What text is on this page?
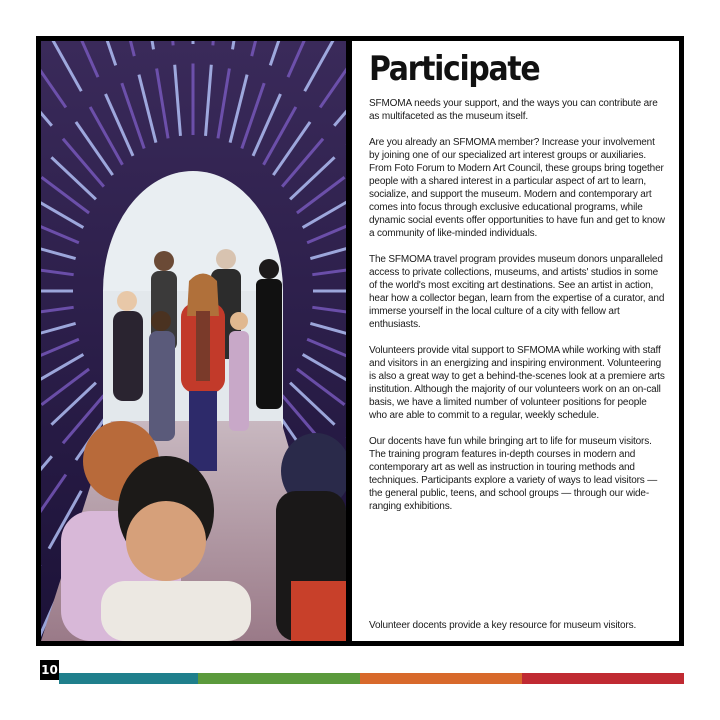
Participate

SFMOMA needs your support, and the ways you can contribute are as multifaceted as the museum itself.

Are you already an SFMOMA member? Increase your involvement by joining one of our specialized art interest groups or auxiliaries. From Foto Forum to Modern Art Council, these groups bring together people with a shared interest in a particular aspect of art to learn, socialize, and support the museum. Modern and contemporary art comes into focus through exclusive educational programs, while dynamic social events offer opportunities to have fun and get to know a community of like-minded individuals.

The SFMOMA travel program provides museum donors unparalleled access to private collections, museums, and artists' studios in some of the world's most exciting art destinations. See an artist in action, hear how a collector began, learn from the expertise of a curator, and immerse yourself in the local culture of a city with fellow art enthusiasts.

Volunteers provide vital support to SFMOMA while working with staff and visitors in an energizing and inspiring environment. Volunteering is also a great way to get a behind-the-scenes look at a premiere arts institution. Although the majority of our volunteers work on an on-call basis, we have a limited number of volunteer positions for people who are able to commit to a regular, weekly schedule.

Our docents have fun while bringing art to life for museum visitors. The training program features in-depth courses in modern and contemporary art as well as instruction in touring methods and techniques. Participants explore a variety of ways to lead visitors — the general public, teens, and school groups — through our wide-ranging exhibitions.

Volunteer docents provide a key resource for museum visitors.
10
